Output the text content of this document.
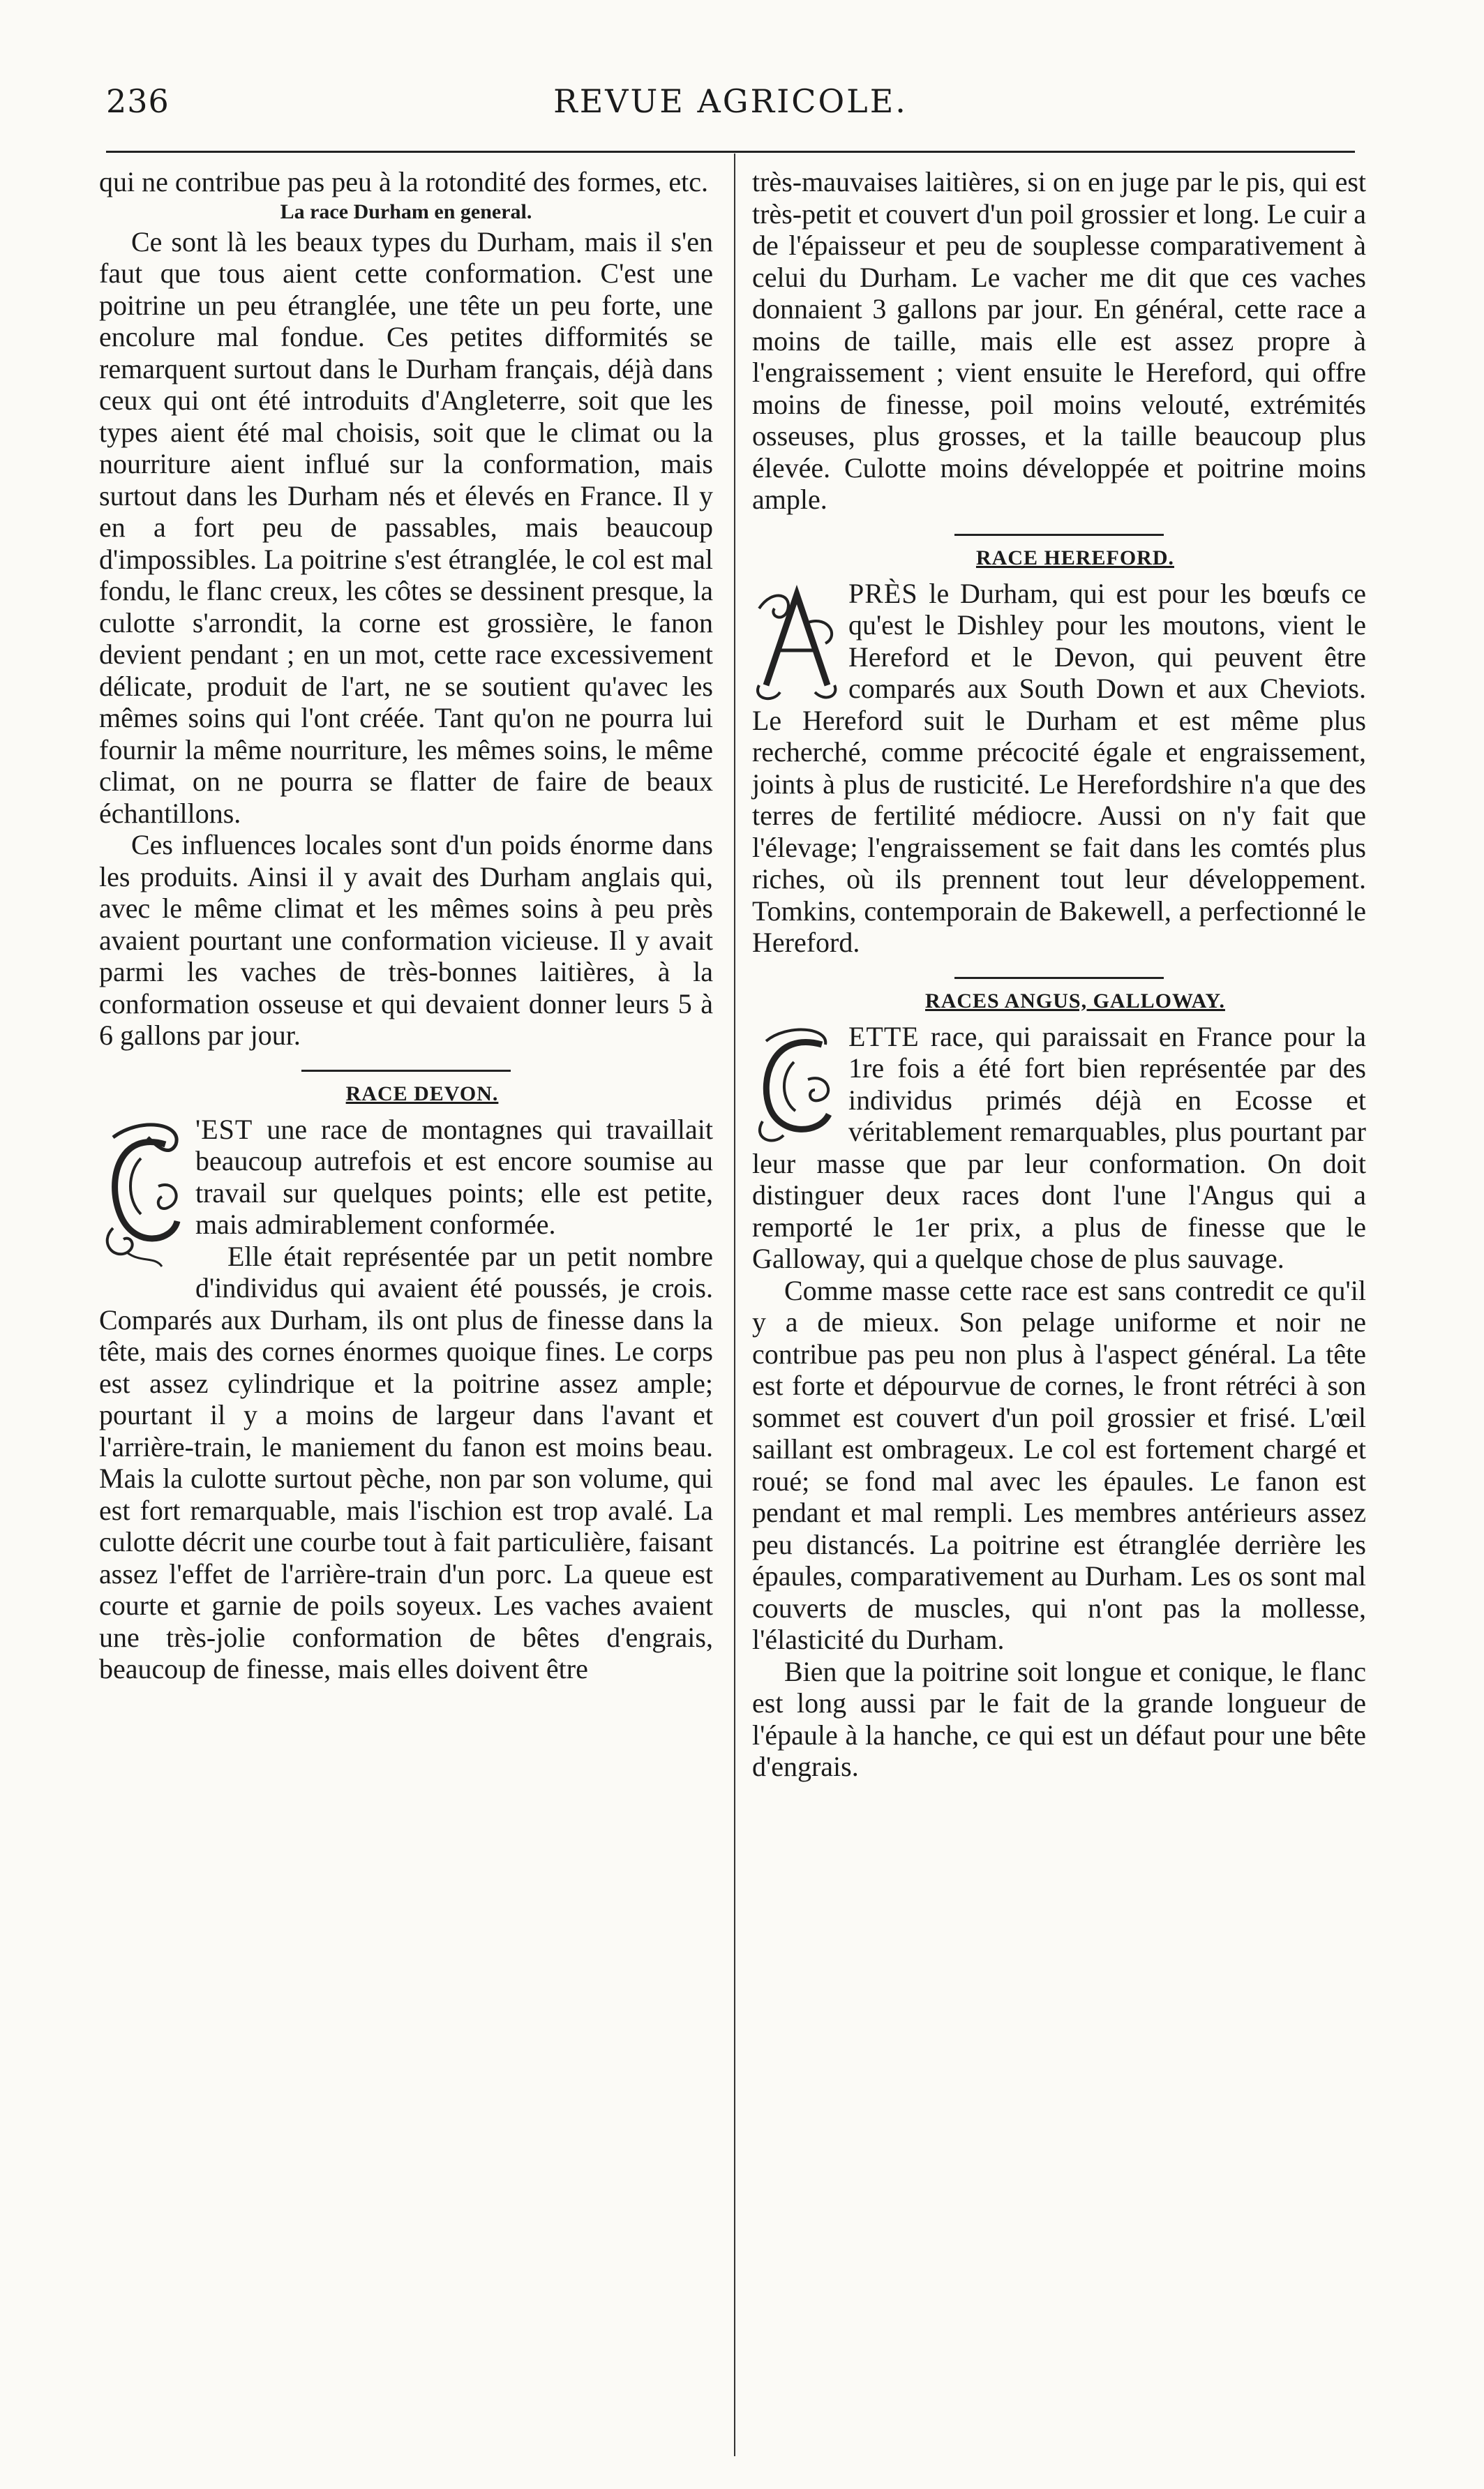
236	REVUE AGRICOLE.

qui ne contribue pas peu à la rotondité des formes, etc.

La race Durham en general.

Ce sont là les beaux types du Durham, mais il s'en faut que tous aient cette conformation. C'est une poitrine un peu étranglée, une tête un peu forte, une encolure mal fondue. Ces petites difformités se remarquent surtout dans le Durham français, déjà dans ceux qui ont été introduits d'Angleterre, soit que les types aient été mal choisis, soit que le climat ou la nourriture aient influé sur la conformation, mais surtout dans les Durham nés et élevés en France. Il y en a fort peu de passables, mais beaucoup d'impossibles. La poitrine s'est étranglée, le col est mal fondu, le flanc creux, les côtes se dessinent presque, la culotte s'arrondit, la corne est grossière, le fanon devient pendant ; en un mot, cette race excessivement délicate, produit de l'art, ne se soutient qu'avec les mêmes soins qui l'ont créée. Tant qu'on ne pourra lui fournir la même nourriture, les mêmes soins, le même climat, on ne pourra se flatter de faire de beaux échantillons.

Ces influences locales sont d'un poids énorme dans les produits. Ainsi il y avait des Durham anglais qui, avec le même climat et les mêmes soins à peu près avaient pourtant une conformation vicieuse. Il y avait parmi les vaches de très-bonnes laitières, à la conformation osseuse et qui devaient donner leurs 5 à 6 gallons par jour.

RACE DEVON.

'EST une race de montagnes qui travaillait beaucoup autrefois et est encore soumise au travail sur quelques points; elle est petite, mais admirablement conformée.

Elle était représentée par un petit nombre d'individus qui avaient été poussés, je crois. Comparés aux Durham, ils ont plus de finesse dans la tête, mais des cornes énormes quoique fines. Le corps est assez cylindrique et la poitrine assez ample; pourtant il y a moins de largeur dans l'avant et l'arrière-train, le maniement du fanon est moins beau. Mais la culotte surtout pèche, non par son volume, qui est fort remarquable, mais l'ischion est trop avalé. La culotte décrit une courbe tout à fait particulière, faisant assez l'effet de l'arrière-train d'un porc. La queue est courte et garnie de poils soyeux. Les vaches avaient une très-jolie conformation de bêtes d'engrais, beaucoup de finesse, mais elles doivent être

très-mauvaises laitières, si on en juge par le pis, qui est très-petit et couvert d'un poil grossier et long. Le cuir a de l'épaisseur et peu de souplesse comparativement à celui du Durham. Le vacher me dit que ces vaches donnaient 3 gallons par jour. En général, cette race a moins de taille, mais elle est assez propre à l'engraissement ; vient ensuite le Hereford, qui offre moins de finesse, poil moins velouté, extrémités osseuses, plus grosses, et la taille beaucoup plus élevée. Culotte moins développée et poitrine moins ample.

RACE HEREFORD.

PRÈS le Durham, qui est pour les bœufs ce qu'est le Dishley pour les moutons, vient le Hereford et le Devon, qui peuvent être comparés aux South Down et aux Cheviots. Le Hereford suit le Durham et est même plus recherché, comme précocité égale et engraissement, joints à plus de rusticité. Le Herefordshire n'a que des terres de fertilité médiocre. Aussi on n'y fait que l'élevage; l'engraissement se fait dans les comtés plus riches, où ils prennent tout leur développement. Tomkins, contemporain de Bakewell, a perfectionné le Hereford.

RACES ANGUS, GALLOWAY.

ETTE race, qui paraissait en France pour la 1re fois a été fort bien représentée par des individus primés déjà en Ecosse et véritablement remarquables, plus pourtant par leur masse que par leur conformation. On doit distinguer deux races dont l'une l'Angus qui a remporté le 1er prix, a plus de finesse que le Galloway, qui a quelque chose de plus sauvage.

Comme masse cette race est sans contredit ce qu'il y a de mieux. Son pelage uniforme et noir ne contribue pas peu non plus à l'aspect général. La tête est forte et dépourvue de cornes, le front rétréci à son sommet est couvert d'un poil grossier et frisé. L'œil saillant est ombrageux. Le col est fortement chargé et roué; se fond mal avec les épaules. Le fanon est pendant et mal rempli. Les membres antérieurs assez peu distancés. La poitrine est étranglée derrière les épaules, comparativement au Durham. Les os sont mal couverts de muscles, qui n'ont pas la mollesse, l'élasticité du Durham.

Bien que la poitrine soit longue et conique, le flanc est long aussi par le fait de la grande longueur de l'épaule à la hanche, ce qui est un défaut pour une bête d'engrais.
